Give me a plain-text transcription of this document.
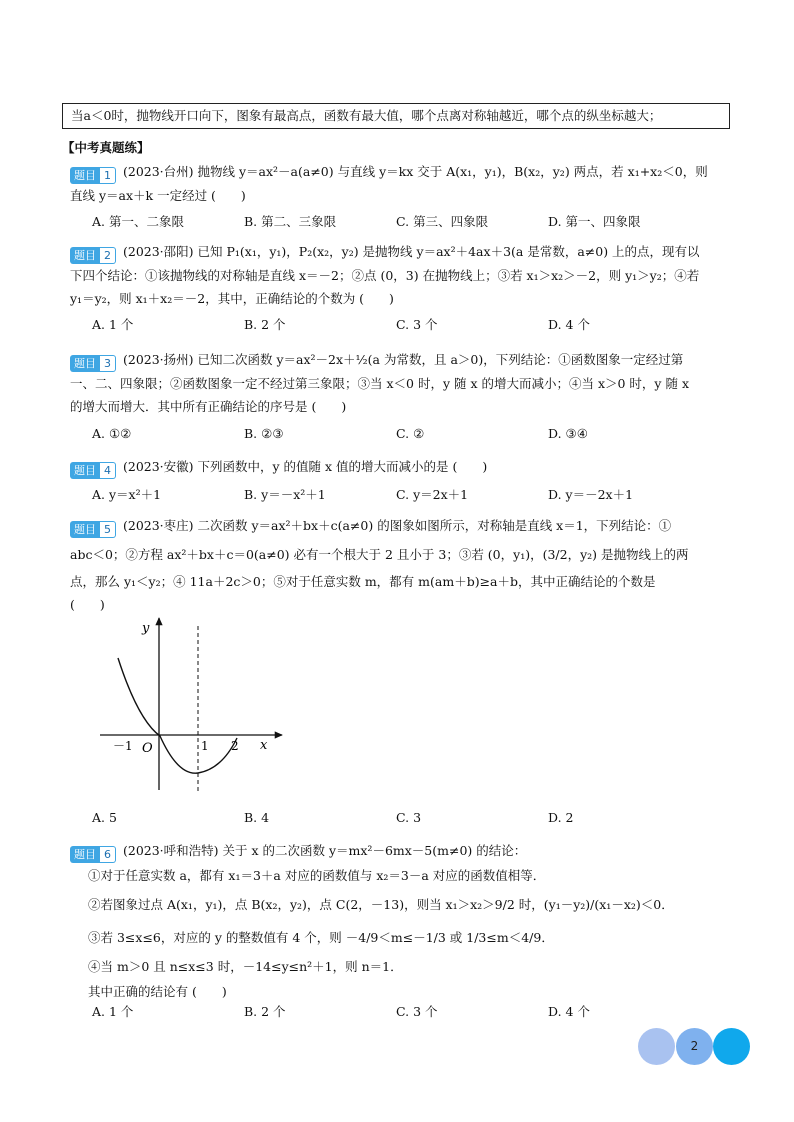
当a＜0时，抛物线开口向下，图象有最高点，函数有最大值，哪个点离对称轴越近，哪个点的纵坐标越大；
【中考真题练】
题目 1 (2023·台州) 抛物线 y＝ax²－a(a≠0) 与直线 y＝kx 交于 A(x₁，y₁)，B(x₂，y₂) 两点，若 x₁+x₂＜0，则
直线 y＝ax＋k 一定经过 (　　)
A. 第一、二象限	B. 第二、三象限	C. 第三、四象限	D. 第一、四象限
题目 2 (2023·邵阳) 已知 P₁(x₁，y₁)，P₂(x₂，y₂) 是抛物线 y＝ax²＋4ax＋3(a 是常数，a≠0) 上的点，现有以
下四个结论：①该抛物线的对称轴是直线 x＝－2；②点 (0，3) 在抛物线上；③若 x₁＞x₂＞－2，则 y₁＞y₂；④若
y₁＝y₂，则 x₁＋x₂＝－2，其中，正确结论的个数为 (　　)
A. 1 个	B. 2 个	C. 3 个	D. 4 个
题目 3 (2023·扬州) 已知二次函数 y＝ax²－2x＋½(a 为常数，且 a＞0)，下列结论：①函数图象一定经过第
一、二、四象限；②函数图象一定不经过第三象限；③当 x＜0 时，y 随 x 的增大而减小；④当 x＞0 时，y 随 x
的增大而增大．其中所有正确结论的序号是 (　　)
A. ①②	B. ②③	C. ②	D. ③④
题目 4 (2023·安徽) 下列函数中，y 的值随 x 值的增大而减小的是 (　　)
A. y＝x²＋1	B. y＝－x²＋1	C. y＝2x＋1	D. y＝－2x＋1
题目 5 (2023·枣庄) 二次函数 y＝ax²＋bx＋c(a≠0) 的图象如图所示，对称轴是直线 x＝1，下列结论：①
abc＜0；②方程 ax²＋bx＋c＝0(a≠0) 必有一个根大于 2 且小于 3；③若 (0，y₁)，(3/2，y₂) 是抛物线上的两
点，那么 y₁＜y₂；④ 11a＋2c＞0；⑤对于任意实数 m，都有 m(am＋b)≥a＋b，其中正确结论的个数是
(　　)
y
x
O
－1	1 2
A. 5	B. 4	C. 3	D. 2
题目 6 (2023·呼和浩特) 关于 x 的二次函数 y＝mx²－6mx－5(m≠0) 的结论：
①对于任意实数 a，都有 x₁＝3＋a 对应的函数值与 x₂＝3－a 对应的函数值相等．
②若图象过点 A(x₁，y₁)，点 B(x₂，y₂)，点 C(2，－13)，则当 x₁＞x₂＞9/2 时，(y₁－y₂)/(x₁－x₂)＜0．
③若 3≤x≤6，对应的 y 的整数值有 4 个，则 －4/9＜m≤－1/3 或 1/3≤m＜4/9．
④当 m＞0 且 n≤x≤3 时，－14≤y≤n²＋1，则 n＝1．
其中正确的结论有 (　　)
A. 1 个	B. 2 个	C. 3 个	D. 4 个
2
